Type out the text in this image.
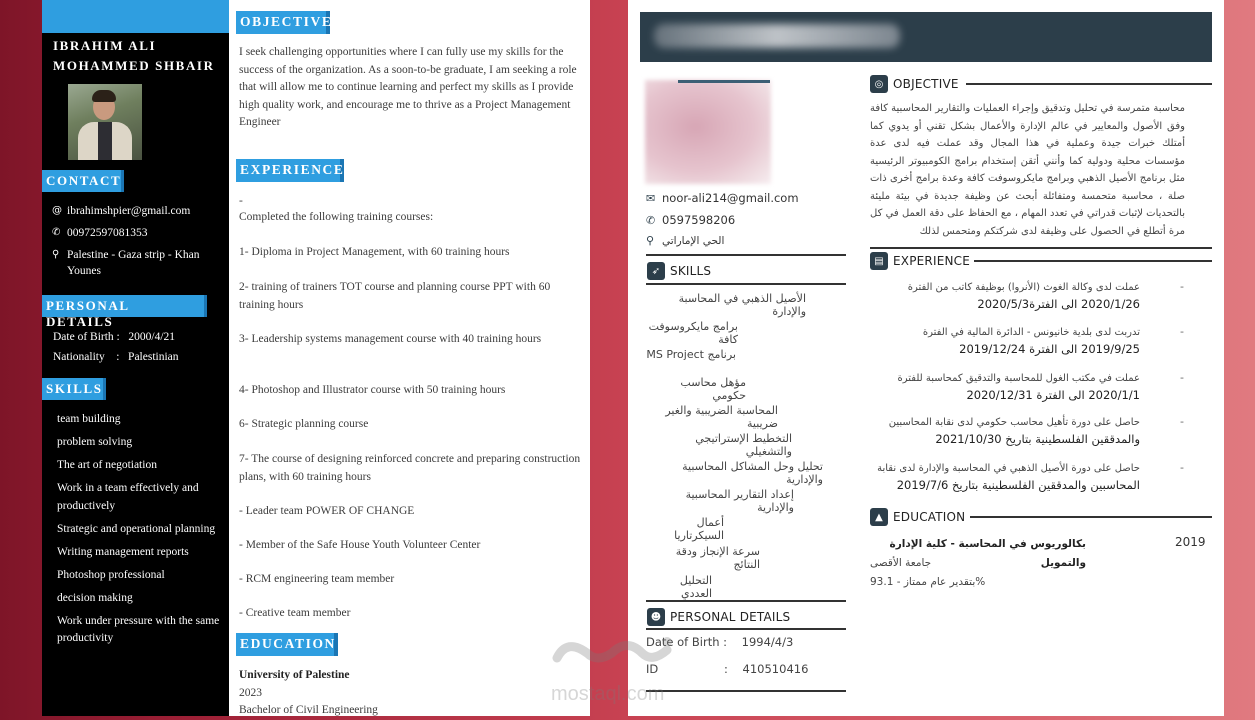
IBRAHIM ALI
MOHAMMED SHBAIR
CONTACT
@ ibrahimshpier@gmail.com
✆ 00972597081353
⚲ Palestine - Gaza strip - Khan Younes
PERSONAL DETAILS
Date of Birth :   2000/4/21
Nationality    :   Palestinian
SKILLS
team building
problem solving
The art of negotiation
Work in a team effectively and productively
Strategic and operational planning
Writing management reports
Photoshop professional
decision making
Work under pressure with the same productivity
OBJECTIVE

I seek challenging opportunities where I can fully use my skills for the success of the organization. As a soon-to-be graduate, I am seeking a role that will allow me to continue learning and perfect my skills as I provide high quality work, and encourage me to thrive as a Project Management Engineer

EXPERIENCE

-

Completed the following training courses:

1- Diploma in Project Management, with 60 training hours

2- training of trainers TOT course and planning course PPT with 60 training hours

3- Leadership systems management course with 40 training hours

4- Photoshop and Illustrator course with 50 training hours

6- Strategic planning course

7- The course of designing reinforced concrete and preparing construction plans, with 60 training hours

- Leader team POWER OF CHANGE

- Member of the Safe House Youth Volunteer Center

- RCM engineering team member

- Creative team member

EDUCATION
University of Palestine
2023
Bachelor of Civil Engineering
✉ noor-ali214@gmail.com
✆ 0597598206
⚲ الحي الإماراتي
➶ SKILLS
الأصيل الذهبي في المحاسبة والإدارة
برامج مايكروسوفت كافة
برنامج MS Project
مؤهل محاسب حكومي
المحاسبة الضريبية والغير ضريبية
التخطيط الإستراتيجي والتشغيلي
تحليل وحل المشاكل المحاسبية والإدارية
إعداد التقارير المحاسبية والإدارية
أعمال السيكرتاريا
سرعة الإنجاز ودقة النتائج
التحليل العددي
☻ PERSONAL DETAILS
Date of Birth :    1994/4/3
ID                  :    410510416
◎ OBJECTIVE

محاسبة متمرسة في تحليل وتدقيق وإجراء العمليات والتقارير المحاسبية كافة وفق الأصول والمعايير في عالم الإدارة والأعمال بشكل تقني أو يدوي كما أمتلك خبرات جيدة وعملية في هذا المجال وقد عملت فيه لدى عدة مؤسسات محلية ودولية كما وأنني أتقن إستخدام برامج الكومبيوتر الرئيسية مثل برنامج الأصيل الذهبي وبرامج مايكروسوفت كافة وعدة برامج أخرى ذات صلة ، محاسبة متحمسة ومتفائلة أبحث عن وظيفة جديدة في بيئة مليئة بالتحديات لإثبات قدراتي في تعدد المهام ، مع الحفاظ على دقة العمل في كل مرة أتطلع في الحصول على وظيفة لدى شركتكم ومتحمس لذلك

▤ EXPERIENCE
عملت لدى وكالة الغوث (الأنروا) بوظيفة كاتب من الفترة
2020/1/26 الى الفترة2020/5/3
-
تدربت لدى بلدية خانيونس - الدائرة المالية في الفترة
2019/9/25 الى الفترة 2019/12/24
-
عملت في مكتب الغول للمحاسبة والتدقيق كمحاسبة للفترة
2020/1/1 الى الفترة 2020/12/31
-
حاصل على دورة تأهيل محاسب حكومي لدى نقابة المحاسبين
والمدققين الفلسطينية بتاريخ 2021/10/30
-
حاصل على دورة الأصيل الذهبي في المحاسبة والإدارة لدى نقابة
المحاسبين والمدققين الفلسطينية بتاريخ 2019/7/6
-
▲ EDUCATION
بكالوريوس في المحاسبة - كلية الإدارة والتمويل
جامعة الأقصى
بتقدير عام ممتاز - 93.1%
2019
mostaql.com
